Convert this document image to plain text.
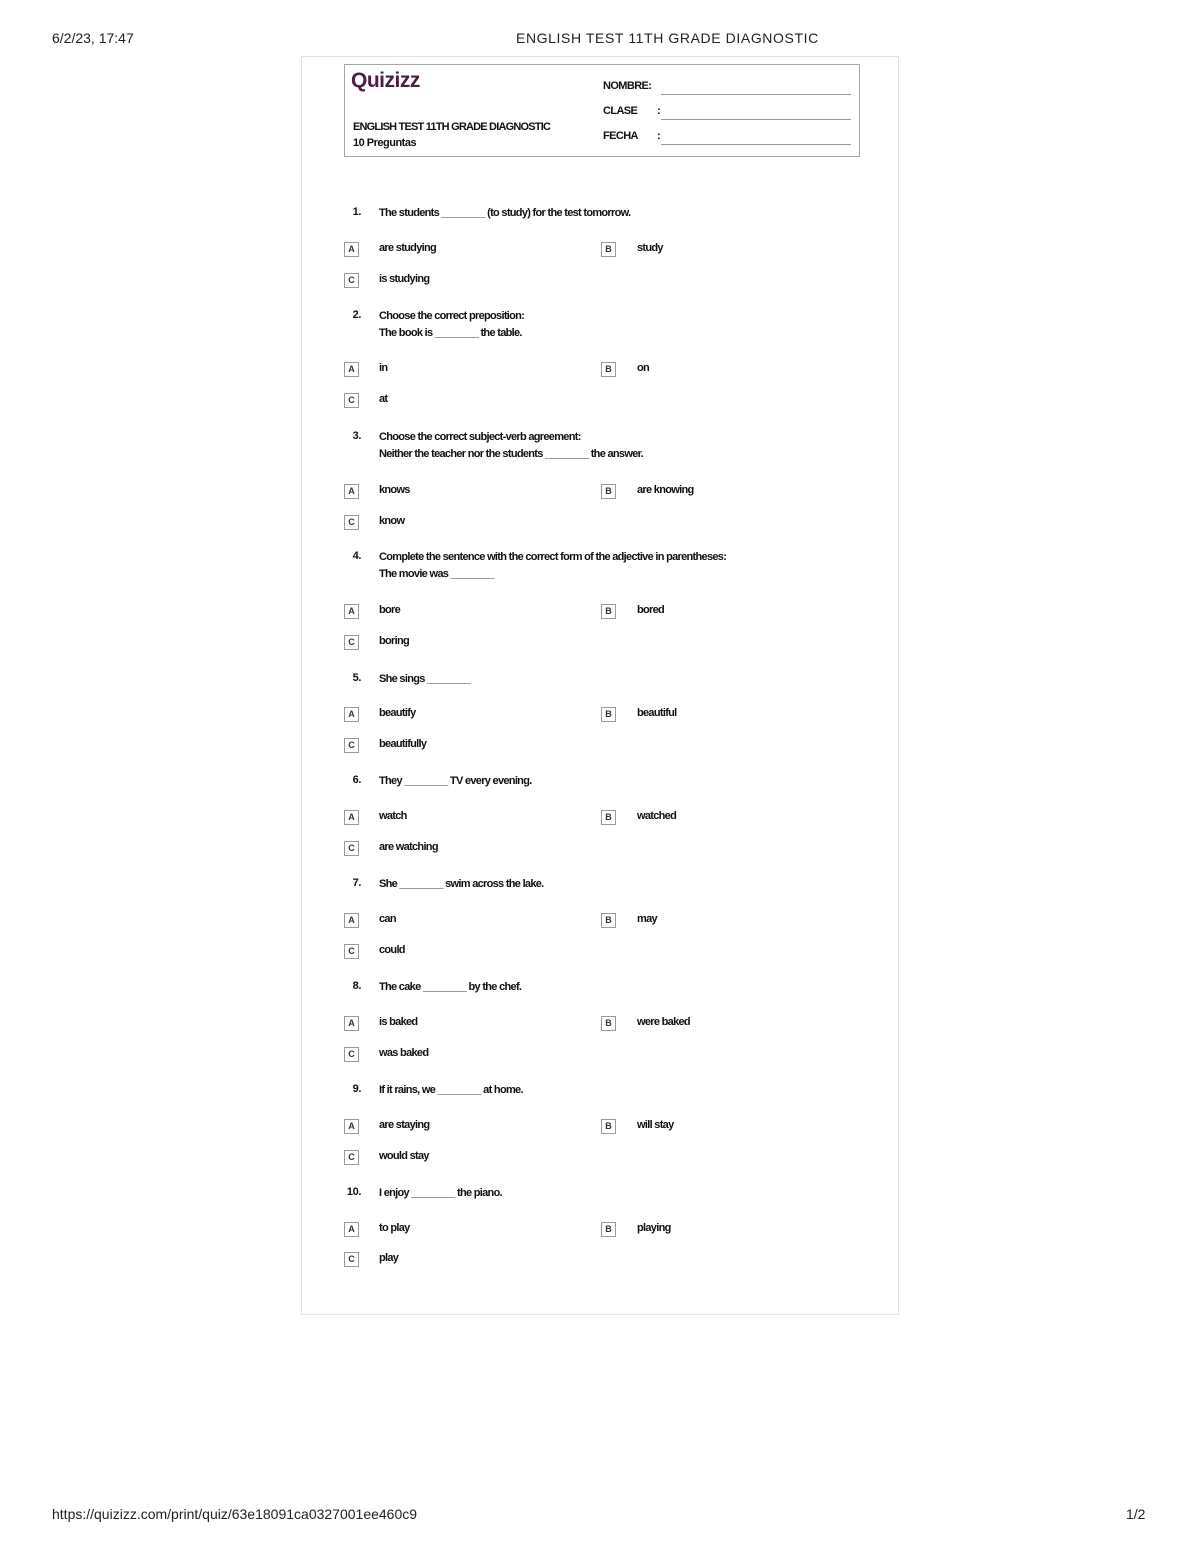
6/2/23, 17:47	ENGLISH TEST 11TH GRADE DIAGNOSTIC
Quizizz
ENGLISH TEST 11TH GRADE DIAGNOSTIC
10 Preguntas
NOMBRE:
CLASE :
FECHA :
1. The students ________ (to study) for the test tomorrow.
A	are studying	B	study
C	is studying
2. Choose the correct preposition:
The book is ________ the table.
A	in	B	on
C	at
3. Choose the correct subject-verb agreement:
Neither the teacher nor the students ________ the answer.
A	knows	B	are knowing
C	know
4. Complete the sentence with the correct form of the adjective in parentheses:
The movie was ________
A	bore	B	bored
C	boring
5. She sings ________
A	beautify	B	beautiful
C	beautifully
6. They ________ TV every evening.
A	watch	B	watched
C	are watching
7. She ________ swim across the lake.
A	can	B	may
C	could
8. The cake ________ by the chef.
A	is baked	B	were baked
C	was baked
9. If it rains, we ________ at home.
A	are staying	B	will stay
C	would stay
10. I enjoy ________ the piano.
A	to play	B	playing
C	play
https://quizizz.com/print/quiz/63e18091ca0327001ee460c9	1/2
